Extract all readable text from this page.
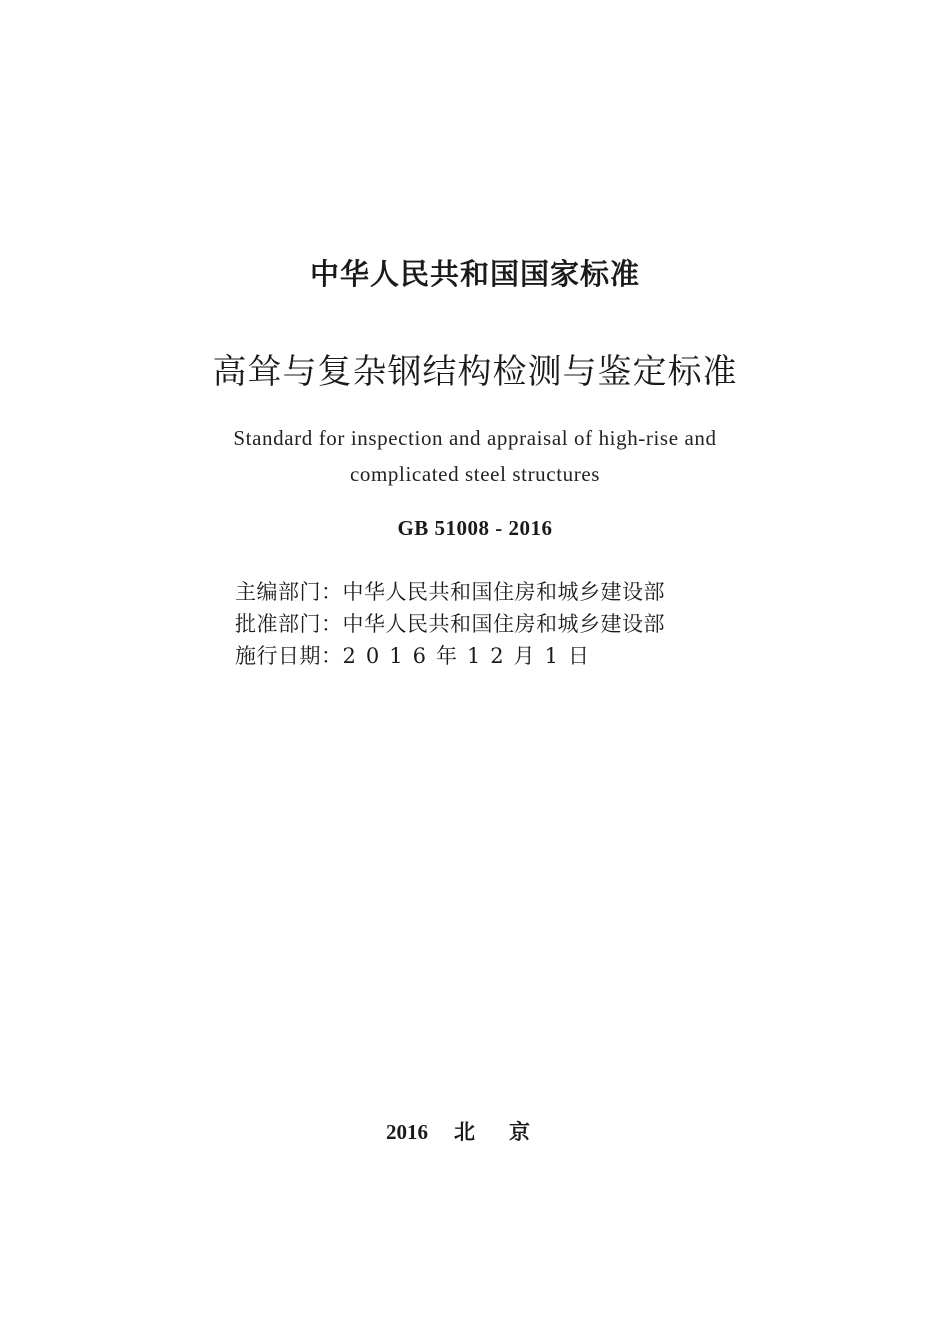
中华人民共和国国家标准
高耸与复杂钢结构检测与鉴定标准
Standard for inspection and appraisal of high-rise and
complicated steel structures
GB 51008 - 2016
主编部门：中华人民共和国住房和城乡建设部
批准部门：中华人民共和国住房和城乡建设部
施行日期：2016年12月1日
2016 北京
